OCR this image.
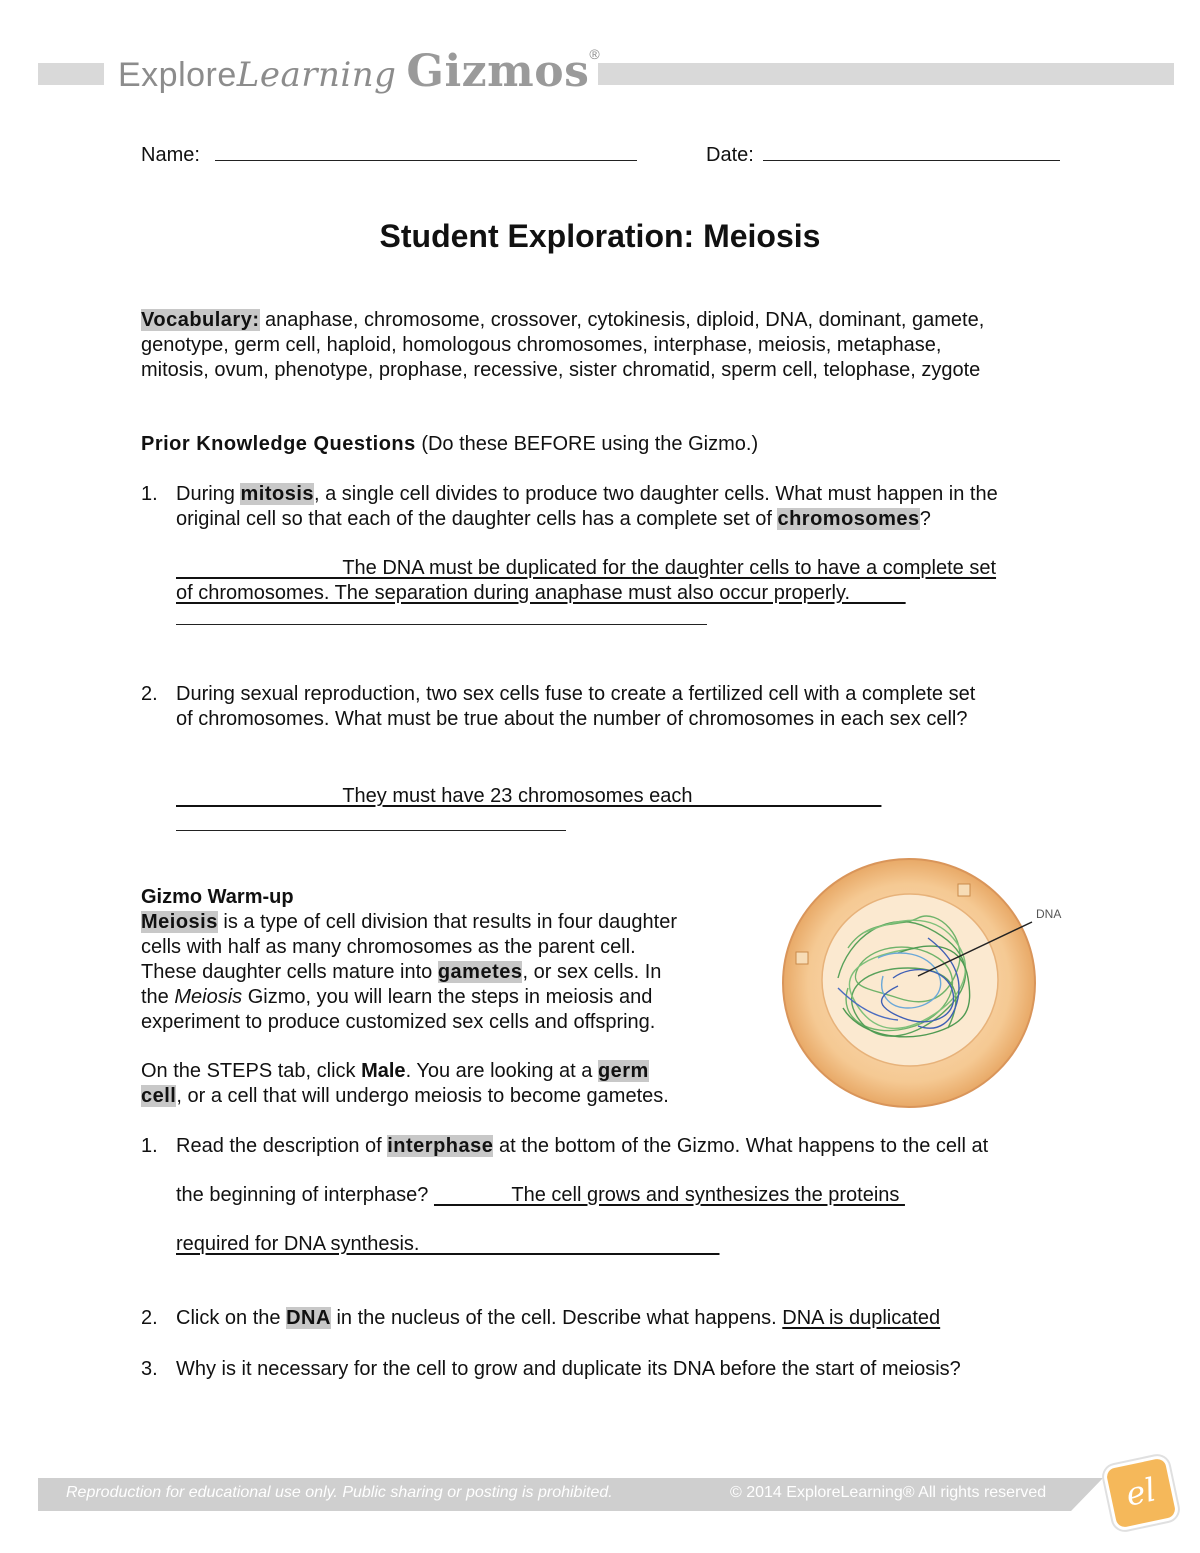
ExploreLearning Gizmos®
Name:	Date:
Student Exploration: Meiosis
Vocabulary: anaphase, chromosome, crossover, cytokinesis, diploid, DNA, dominant, gamete,
genotype, germ cell, haploid, homologous chromosomes, interphase, meiosis, metaphase,
mitosis, ovum, phenotype, prophase, recessive, sister chromatid, sperm cell, telophase, zygote
Prior Knowledge Questions (Do these BEFORE using the Gizmo.)
1. During mitosis, a single cell divides to produce two daughter cells. What must happen in the
original cell so that each of the daughter cells has a complete set of chromosomes?
The DNA must be duplicated for the daughter cells to have a complete set
of chromosomes. The separation during anaphase must also occur properly.
2. During sexual reproduction, two sex cells fuse to create a fertilized cell with a complete set
of chromosomes. What must be true about the number of chromosomes in each sex cell?
They must have 23 chromosomes each
Gizmo Warm-up
Meiosis is a type of cell division that results in four daughter
cells with half as many chromosomes as the parent cell.
These daughter cells mature into gametes, or sex cells. In
the Meiosis Gizmo, you will learn the steps in meiosis and
experiment to produce customized sex cells and offspring.
On the STEPS tab, click Male. You are looking at a germ
cell, or a cell that will undergo meiosis to become gametes.
DNA
1. Read the description of interphase at the bottom of the Gizmo. What happens to the cell at
the beginning of interphase?               The cell grows and synthesizes the proteins
required for DNA synthesis.
2. Click on the DNA in the nucleus of the cell. Describe what happens. DNA is duplicated
3. Why is it necessary for the cell to grow and duplicate its DNA before the start of meiosis?
Reproduction for educational use only. Public sharing or posting is prohibited.	© 2014 ExploreLearning® All rights reserved	el
